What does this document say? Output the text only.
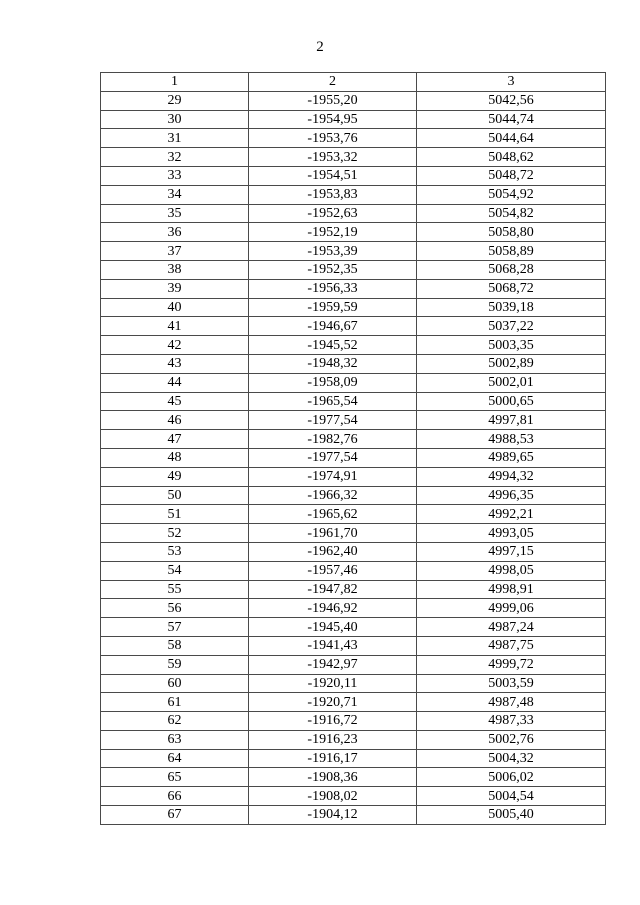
2
1	2	3
29	-1955,20	5042,56
30	-1954,95	5044,74
31	-1953,76	5044,64
32	-1953,32	5048,62
33	-1954,51	5048,72
34	-1953,83	5054,92
35	-1952,63	5054,82
36	-1952,19	5058,80
37	-1953,39	5058,89
38	-1952,35	5068,28
39	-1956,33	5068,72
40	-1959,59	5039,18
41	-1946,67	5037,22
42	-1945,52	5003,35
43	-1948,32	5002,89
44	-1958,09	5002,01
45	-1965,54	5000,65
46	-1977,54	4997,81
47	-1982,76	4988,53
48	-1977,54	4989,65
49	-1974,91	4994,32
50	-1966,32	4996,35
51	-1965,62	4992,21
52	-1961,70	4993,05
53	-1962,40	4997,15
54	-1957,46	4998,05
55	-1947,82	4998,91
56	-1946,92	4999,06
57	-1945,40	4987,24
58	-1941,43	4987,75
59	-1942,97	4999,72
60	-1920,11	5003,59
61	-1920,71	4987,48
62	-1916,72	4987,33
63	-1916,23	5002,76
64	-1916,17	5004,32
65	-1908,36	5006,02
66	-1908,02	5004,54
67	-1904,12	5005,40
